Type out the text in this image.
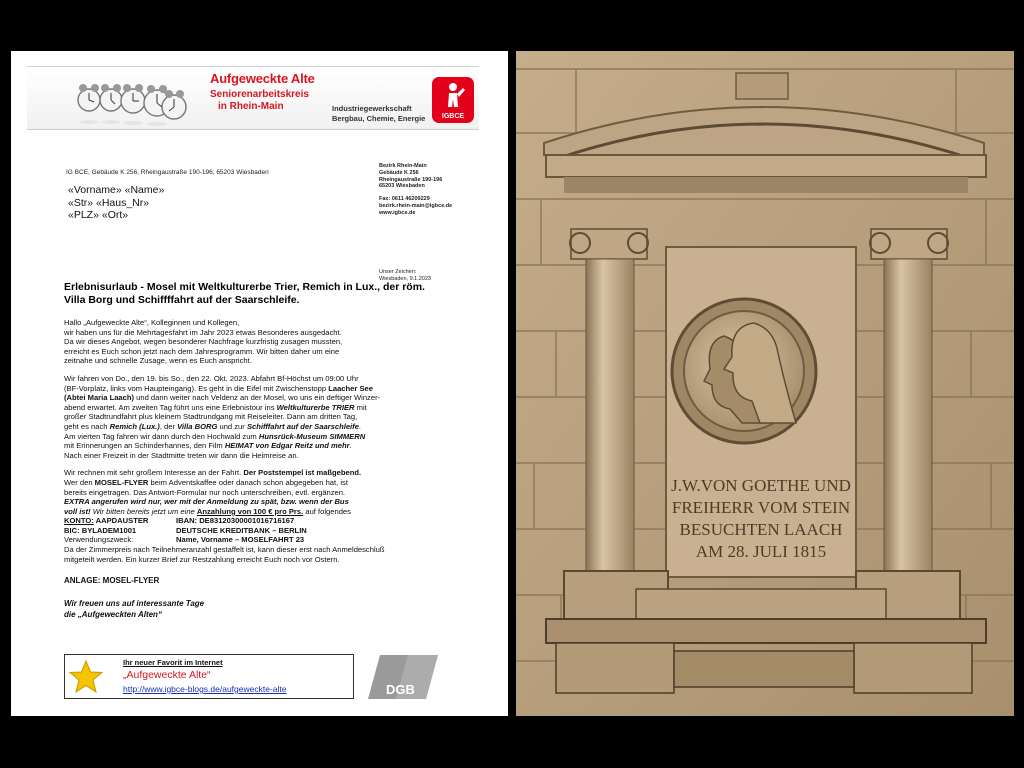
Aufgeweckte Alte
Seniorenarbeitskreis
in Rhein-Main	Industriegewerkschaft
Bergbau, Chemie, Energie	IGBCE
IG BCE, Gebäude K 256, Rheingaustraße 190-196, 65203 Wiesbaden
Bezirk Rhein-Main
Gebäude K 256
Rheingaustraße 190-196
65203 Wiesbaden
Fax: 0611 46209229
bezirk.rhein-main@igbce.de
www.igbce.de
«Vorname» «Name»
«Str» «Haus_Nr»
«PLZ» «Ort»
Unser Zeichen:
Wiesbaden, 9.1.2023
Erlebnisurlaub - Mosel mit Weltkulturerbe Trier, Remich in Lux., der röm. Villa Borg und Schiffffahrt auf der Saarschleife.

Hallo „Aufgeweckte Alte“, Kolleginnen und Kollegen,
wir haben uns für die Mehrtagesfahrt im Jahr 2023 etwas Besonderes ausgedacht.
Da wir dieses Angebot, wegen besonderer Nachfrage kurzfristig zusagen mussten,
erreicht es Euch schon jetzt nach dem Jahresprogramm. Wir bitten daher um eine
zeitnahe und schnelle Zusage, wenn es Euch anspricht.

Wir fahren von Do., den 19. bis So., den 22. Okt. 2023. Abfahrt Bf-Höchst um 09:00 Uhr
(BF-Vorplatz, links vom Haupteingang). Es geht in die Eifel mit Zwischenstopp Laacher See
(Abtei Maria Laach) und dann weiter nach Veldenz an der Mosel, wo uns ein deftiger Winzer-
abend erwartet. Am zweiten Tag führt uns eine Erlebnistour ins Weltkulturerbe TRIER mit
großer Stadtrundfahrt plus kleinem Stadtrundgang mit Reiseleiter. Dann am dritten Tag,
geht es nach Remich (Lux.), der Villa BORG und zur Schifffahrt auf der Saarschleife.
Am vierten Tag fahren wir dann durch den Hochwald zum Hunsrück-Museum SIMMERN
mit Erinnerungen an Schinderhannes, den Film HEIMAT von Edgar Reitz und mehr.
Nach einer Freizeit in der Stadtmitte treten wir dann die Heimreise an.

Wir rechnen mit sehr großem Interesse an der Fahrt. Der Poststempel ist maßgebend.
Wer den MOSEL-FLYER beim Adventskaffee oder danach schon abgegeben hat, ist
bereits eingetragen. Das Antwort-Formular nur noch unterschreiben, evtl. ergänzen.
EXTRA angerufen wird nur, wer mit der Anmeldung zu spät, bzw. wenn der Bus
voll ist! Wir bitten bereits jetzt um eine Anzahlung von 100 € pro Prs. auf folgendes
KONTO: AAPDAUSTER	IBAN: DE83120300001016716167
BIC: BYLADEM1001	DEUTSCHE KREDITBANK – BERLIN
Verwendungszweck:	Name, Vorname – MOSELFAHRT 23
Da der Zimmerpreis nach Teilnehmeranzahl gestaffelt ist, kann dieser erst nach Anmeldeschluß
mitgeteilt werden. Ein kurzer Brief zur Restzahlung erreicht Euch noch vor Ostern.

ANLAGE: MOSEL-FLYER

Wir freuen uns auf interessante Tage
die „Aufgeweckten Alten“

Ihr neuer Favorit im Internet
„Aufgeweckte Alte“
http://www.igbce-blogs.de/aufgeweckte-alte	DGB
J.W.VON GOETHE UND
FREIHERR VOM STEIN
BESUCHTEN LAACH
AM 28. JULI 1815
